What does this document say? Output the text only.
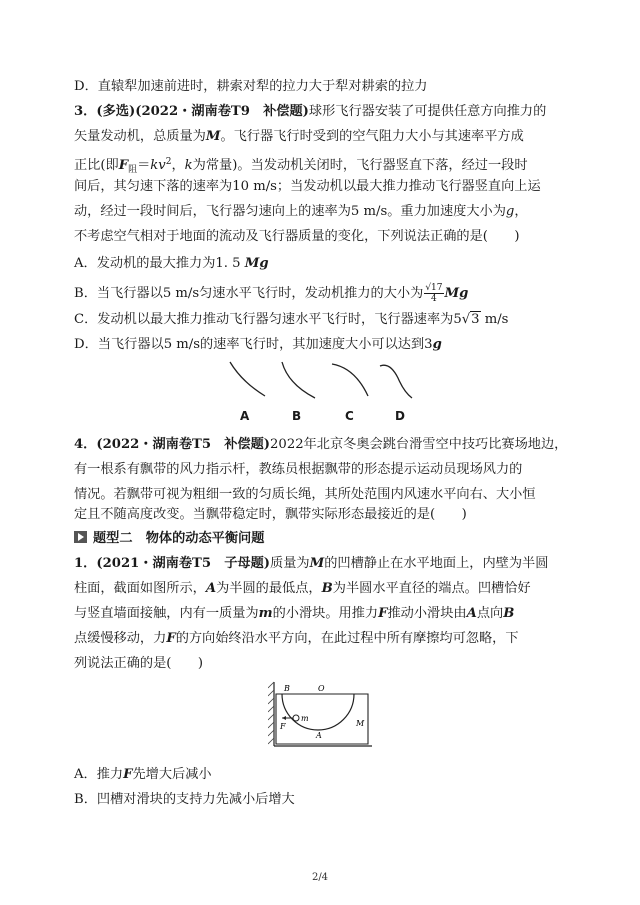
D．直辕犁加速前进时，耕索对犁的拉力大于犁对耕索的拉力
3．(多选)(2022・湖南卷T9　补偿题)球形飞行器安装了可提供任意方向推力的
矢量发动机，总质量为M。飞行器飞行时受到的空气阻力大小与其速率平方成
正比(即$F_阻=kv^2$，k为常量)。当发动机关闭时，飞行器竖直下落，经过一段时
间后，其匀速下落的速率为10 m/s；当发动机以最大推力推动飞行器竖直向上运
动，经过一段时间后，飞行器匀速向上的速率为5 m/s。重力加速度大小为g，
不考虑空气相对于地面的流动及飞行器质量的变化，下列说法正确的是(　　)
A．发动机的最大推力为1. 5 Mg
B．当飞行器以5 m/s匀速水平飞行时，发动机推力的大小为 $\frac{√17}{4}$ Mg
C．发动机以最大推力推动飞行器匀速水平飞行时，飞行器速率为5√3 m/s
D．当飞行器以5 m/s的速率飞行时，其加速度大小可以达到3g
A	B	C	D
4．(2022・湖南卷T5　补偿题)2022年北京冬奥会跳台滑雪空中技巧比赛场地边，
有一根系有飘带的风力指示杆，教练员根据飘带的形态提示运动员现场风力的
情况。若飘带可视为粗细一致的匀质长绳，其所处范围内风速水平向右、大小恒
定且不随高度改变。当飘带稳定时，飘带实际形态最接近的是(　　)
题型二　物体的动态平衡问题
1．(2021・湖南卷T5　子母题)质量为M的凹槽静止在水平地面上，内壁为半圆
柱面，截面如图所示，A为半圆的最低点，B为半圆水平直径的端点。凹槽恰好
与竖直墙面接触，内有一质量为m的小滑块。用推力F推动小滑块由A点向B
点缓慢移动，力F的方向始终沿水平方向，在此过程中所有摩擦均可忽略，下
列说法正确的是(　　)
B	O
m
M
F
A
A．推力F先增大后减小
B．凹槽对滑块的支持力先减小后增大
2/4
